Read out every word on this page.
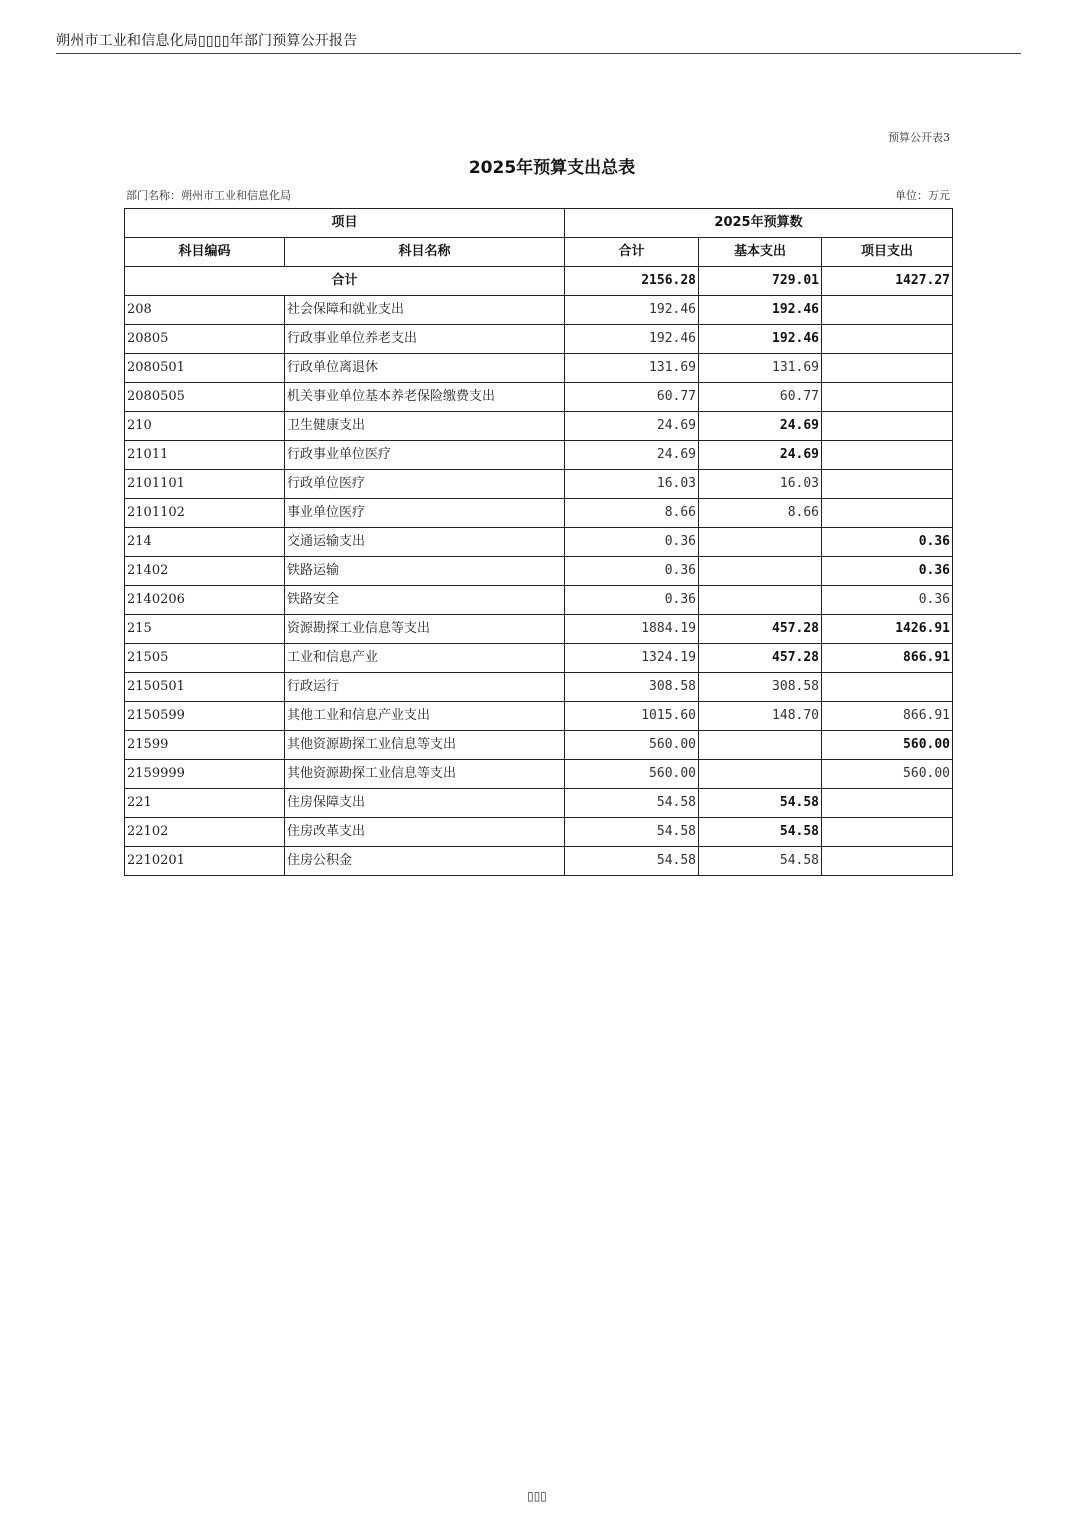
朔州市工业和信息化局▯▯▯▯年部门预算公开报告
预算公开表3
2025年预算支出总表
部门名称：朔州市工业和信息化局	单位：万元
项目		2025年预算数		
科目编码	科目名称	合计	基本支出	项目支出
合计		2156.28	729.01	1427.27
208	社会保障和就业支出	192.46	192.46	
20805	行政事业单位养老支出	192.46	192.46	
2080501	行政单位离退休	131.69	131.69	
2080505	机关事业单位基本养老保险缴费支出	60.77	60.77	
210	卫生健康支出	24.69	24.69	
21011	行政事业单位医疗	24.69	24.69	
2101101	行政单位医疗	16.03	16.03	
2101102	事业单位医疗	8.66	8.66	
214	交通运输支出	0.36		0.36
21402	铁路运输	0.36		0.36
2140206	铁路安全	0.36		0.36
215	资源勘探工业信息等支出	1884.19	457.28	1426.91
21505	工业和信息产业	1324.19	457.28	866.91
2150501	行政运行	308.58	308.58	
2150599	其他工业和信息产业支出	1015.60	148.70	866.91
21599	其他资源勘探工业信息等支出	560.00		560.00
2159999	其他资源勘探工业信息等支出	560.00		560.00
221	住房保障支出	54.58	54.58	
22102	住房改革支出	54.58	54.58	
2210201	住房公积金	54.58	54.58	
▯▯▯
